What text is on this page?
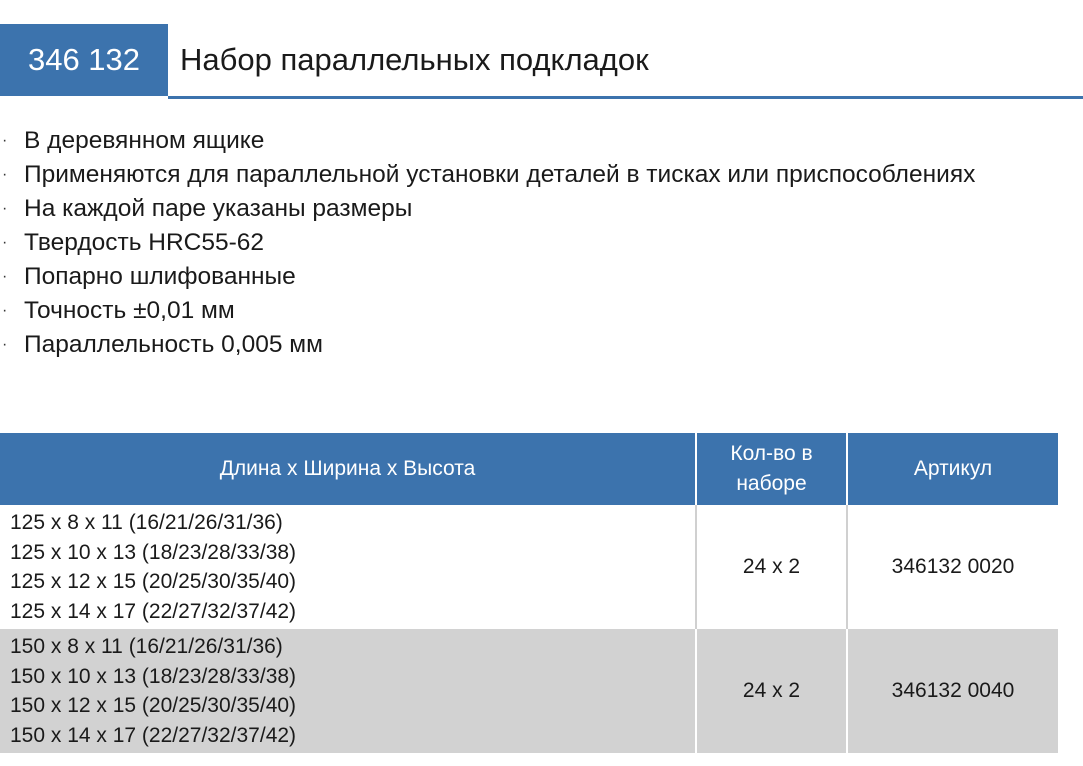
346 132	Набор параллельных подкладок
· В деревянном ящике
· Применяются для параллельной установки деталей в тисках или приспособлениях
· На каждой паре указаны размеры
· Твердость HRC55-62
· Попарно шлифованные
· Точность ±0,01 мм
· Параллельность 0,005 мм
Длина x Ширина x Высота	Кол-во в наборе	Артикул

125 x 8 x 11 (16/21/26/31/36)
125 x 10 x 13 (18/23/28/33/38)
125 x 12 x 15 (20/25/30/35/40)
125 x 14 x 17 (22/27/32/37/42)	24 x 2	346132 0020

150 x 8 x 11 (16/21/26/31/36)
150 x 10 x 13 (18/23/28/33/38)
150 x 12 x 15 (20/25/30/35/40)
150 x 14 x 17 (22/27/32/37/42)	24 x 2	346132 0040
